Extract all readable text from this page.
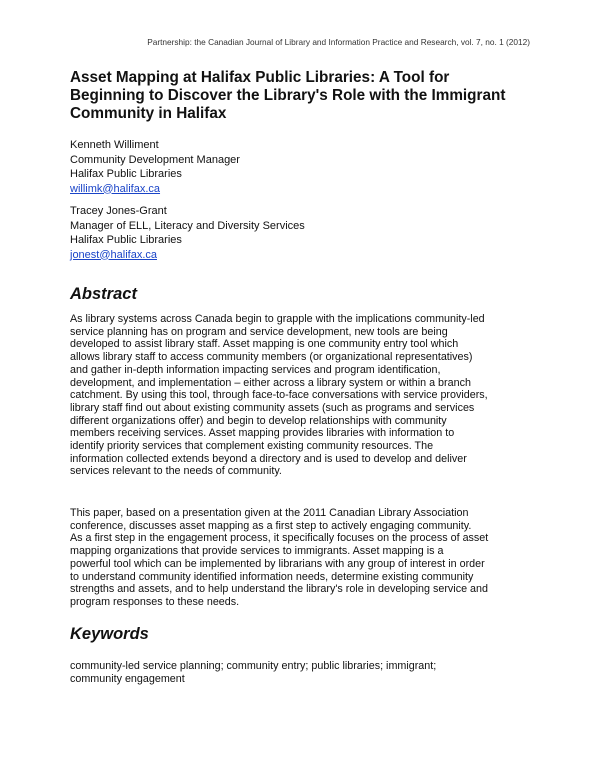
Partnership: the Canadian Journal of Library and Information Practice and Research, vol. 7, no. 1 (2012)
Asset Mapping at Halifax Public Libraries: A Tool for
Beginning to Discover the Library's Role with the Immigrant
Community in Halifax
Kenneth Williment
Community Development Manager
Halifax Public Libraries
willimk@halifax.ca
Tracey Jones-Grant
Manager of ELL, Literacy and Diversity Services
Halifax Public Libraries
jonest@halifax.ca
Abstract

As library systems across Canada begin to grapple with the implications community-led
service planning has on program and service development, new tools are being
developed to assist library staff. Asset mapping is one community entry tool which
allows library staff to access community members (or organizational representatives)
and gather in-depth information impacting services and program identification,
development, and implementation – either across a library system or within a branch
catchment. By using this tool, through face-to-face conversations with service providers,
library staff find out about existing community assets (such as programs and services
different organizations offer) and begin to develop relationships with community
members receiving services. Asset mapping provides libraries with information to
identify priority services that complement existing community resources. The
information collected extends beyond a directory and is used to develop and deliver
services relevant to the needs of community.

This paper, based on a presentation given at the 2011 Canadian Library Association
conference, discusses asset mapping as a first step to actively engaging community.
As a first step in the engagement process, it specifically focuses on the process of asset
mapping organizations that provide services to immigrants. Asset mapping is a
powerful tool which can be implemented by librarians with any group of interest in order
to understand community identified information needs, determine existing community
strengths and assets, and to help understand the library's role in developing service and
program responses to these needs.

Keywords

community-led service planning; community entry; public libraries; immigrant;
community engagement
